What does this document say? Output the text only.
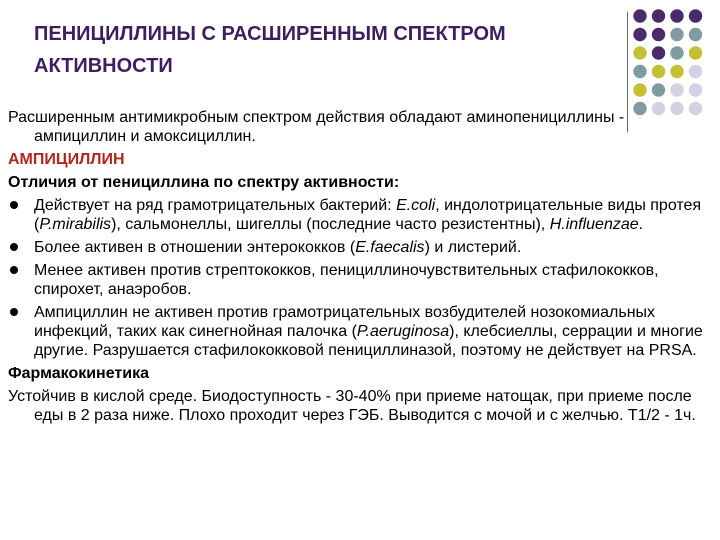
ПЕНИЦИЛЛИНЫ С РАСШИРЕННЫМ СПЕКТРОМ АКТИВНОСТИ

Расширенным антимикробным спектром действия обладают аминопенициллины - ампициллин и амоксициллин.

АМПИЦИЛЛИН

Отличия от пенициллина по спектру активности:

Действует на ряд грамотрицательных бактерий: E.coli, индолотрицательные виды протея (P.mirabilis), сальмонеллы, шигеллы (последние часто резистентны), H.influenzae.
Более активен в отношении энтерококков (E.faecalis) и листерий.
Менее активен против стрептококков, пенициллиночувствительных стафилококков, спирохет, анаэробов.
Ампициллин не активен против грамотрицательных возбудителей нозокомиальных инфекций, таких как синегнойная палочка (P.aeruginosa), клебсиеллы, серрации и многие другие. Разрушается стафилококковой пенициллиназой, поэтому не действует на PRSA.

Фармакокинетика

Устойчив в кислой среде. Биодоступность - 30-40% при приеме натощак, при приеме после еды в 2 раза ниже. Плохо проходит через ГЭБ. Выводится с мочой и с желчью. Т1/2 - 1ч.
